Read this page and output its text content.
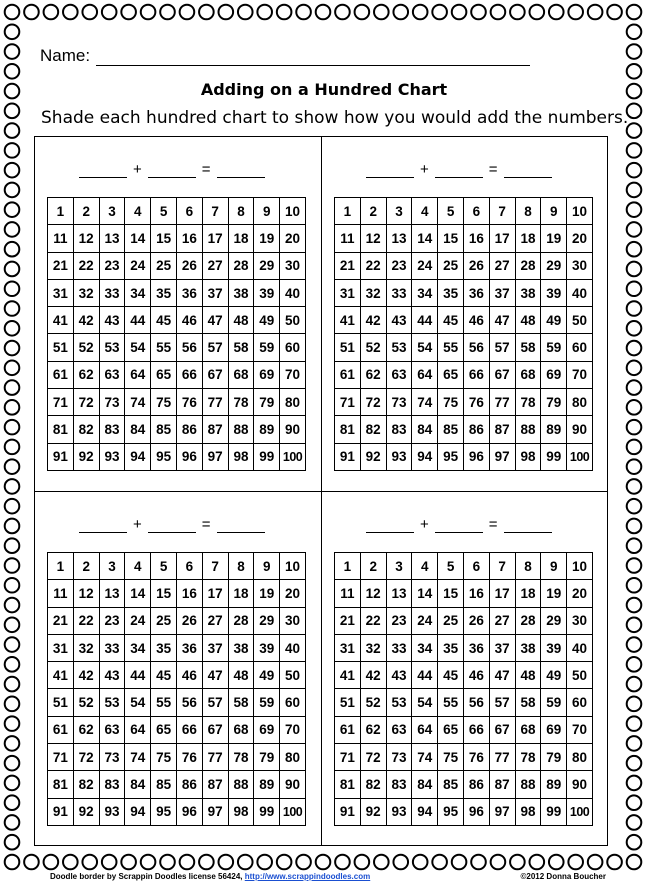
Name:
Adding on a Hundred Chart
Shade each hundred chart to show how you would add the numbers.
+	=
1	2	3	4	5	6	7	8	9	10
11	12	13	14	15	16	17	18	19	20
21	22	23	24	25	26	27	28	29	30
31	32	33	34	35	36	37	38	39	40
41	42	43	44	45	46	47	48	49	50
51	52	53	54	55	56	57	58	59	60
61	62	63	64	65	66	67	68	69	70
71	72	73	74	75	76	77	78	79	80
81	82	83	84	85	86	87	88	89	90
91	92	93	94	95	96	97	98	99	100
+	=
1	2	3	4	5	6	7	8	9	10
11	12	13	14	15	16	17	18	19	20
21	22	23	24	25	26	27	28	29	30
31	32	33	34	35	36	37	38	39	40
41	42	43	44	45	46	47	48	49	50
51	52	53	54	55	56	57	58	59	60
61	62	63	64	65	66	67	68	69	70
71	72	73	74	75	76	77	78	79	80
81	82	83	84	85	86	87	88	89	90
91	92	93	94	95	96	97	98	99	100
+	=
1	2	3	4	5	6	7	8	9	10
11	12	13	14	15	16	17	18	19	20
21	22	23	24	25	26	27	28	29	30
31	32	33	34	35	36	37	38	39	40
41	42	43	44	45	46	47	48	49	50
51	52	53	54	55	56	57	58	59	60
61	62	63	64	65	66	67	68	69	70
71	72	73	74	75	76	77	78	79	80
81	82	83	84	85	86	87	88	89	90
91	92	93	94	95	96	97	98	99	100
+	=
1	2	3	4	5	6	7	8	9	10
11	12	13	14	15	16	17	18	19	20
21	22	23	24	25	26	27	28	29	30
31	32	33	34	35	36	37	38	39	40
41	42	43	44	45	46	47	48	49	50
51	52	53	54	55	56	57	58	59	60
61	62	63	64	65	66	67	68	69	70
71	72	73	74	75	76	77	78	79	80
81	82	83	84	85	86	87	88	89	90
91	92	93	94	95	96	97	98	99	100
Doodle border by Scrappin Doodles license 56424, http://www.scrappindoodles.com	©2012 Donna Boucher
